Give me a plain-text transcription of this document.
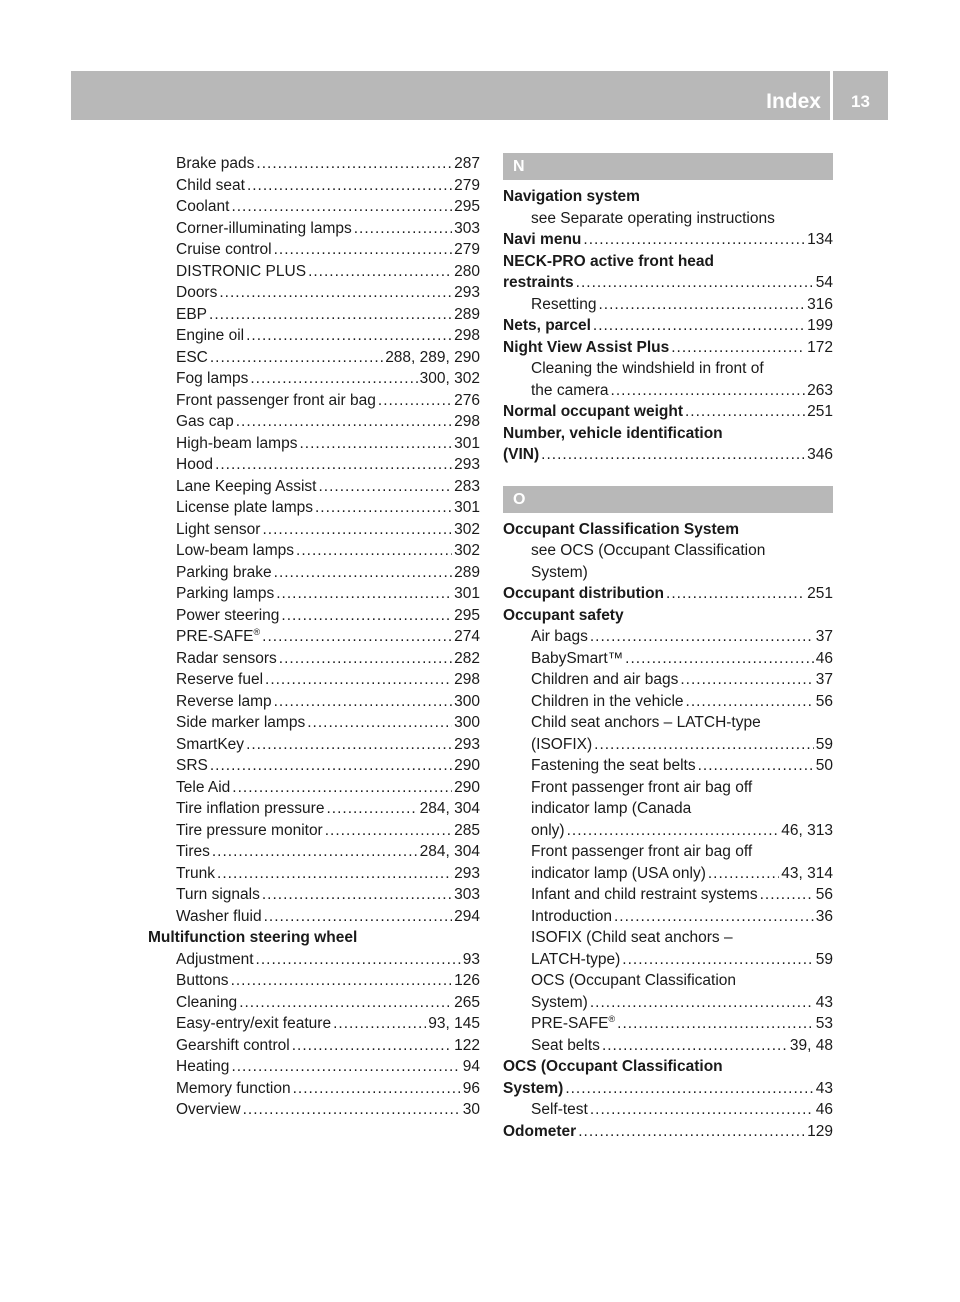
Index	13
Brake pads .....	287
Child seat .....	279
Coolant .....	295
Corner-illuminating lamps .....	303
Cruise control .....	279
DISTRONIC PLUS .....	280
Doors .....	293
EBP .....	289
Engine oil .....	298
ESC .....	288, 289, 290
Fog lamps .....	300, 302
Front passenger front air bag .....	276
Gas cap .....	298
High-beam lamps .....	301
Hood .....	293
Lane Keeping Assist .....	283
License plate lamps .....	301
Light sensor .....	302
Low-beam lamps .....	302
Parking brake .....	289
Parking lamps .....	301
Power steering .....	295
PRE-SAFE® .....	274
Radar sensors .....	282
Reserve fuel .....	298
Reverse lamp .....	300
Side marker lamps .....	300
SmartKey .....	293
SRS .....	290
Tele Aid .....	290
Tire inflation pressure .....	284, 304
Tire pressure monitor .....	285
Tires .....	284, 304
Trunk .....	293
Turn signals .....	303
Washer fluid .....	294
Multifunction steering wheel
Adjustment .....	93
Buttons .....	126
Cleaning .....	265
Easy-entry/exit feature .....	93, 145
Gearshift control .....	122
Heating .....	94
Memory function .....	96
Overview .....	30
N
Navigation system
see Separate operating instructions
Navi menu .....	134
NECK-PRO active front head
restraints .....	54
Resetting .....	316
Nets, parcel .....	199
Night View Assist Plus .....	172
Cleaning the windshield in front of
the camera .....	263
Normal occupant weight .....	251
Number, vehicle identification
(VIN) .....	346
O
Occupant Classification System
see OCS (Occupant Classification
System)
Occupant distribution .....	251
Occupant safety
Air bags .....	37
BabySmart™ .....	46
Children and air bags .....	37
Children in the vehicle .....	56
Child seat anchors – LATCH-type
(ISOFIX) .....	59
Fastening the seat belts .....	50
Front passenger front air bag off
indicator lamp (Canada
only) .....	46, 313
Front passenger front air bag off
indicator lamp (USA only) .....	43, 314
Infant and child restraint systems .....	56
Introduction .....	36
ISOFIX (Child seat anchors –
LATCH-type) .....	59
OCS (Occupant Classification
System) .....	43
PRE-SAFE® .....	53
Seat belts .....	39, 48
OCS (Occupant Classification
System) .....	43
Self-test .....	46
Odometer .....	129
